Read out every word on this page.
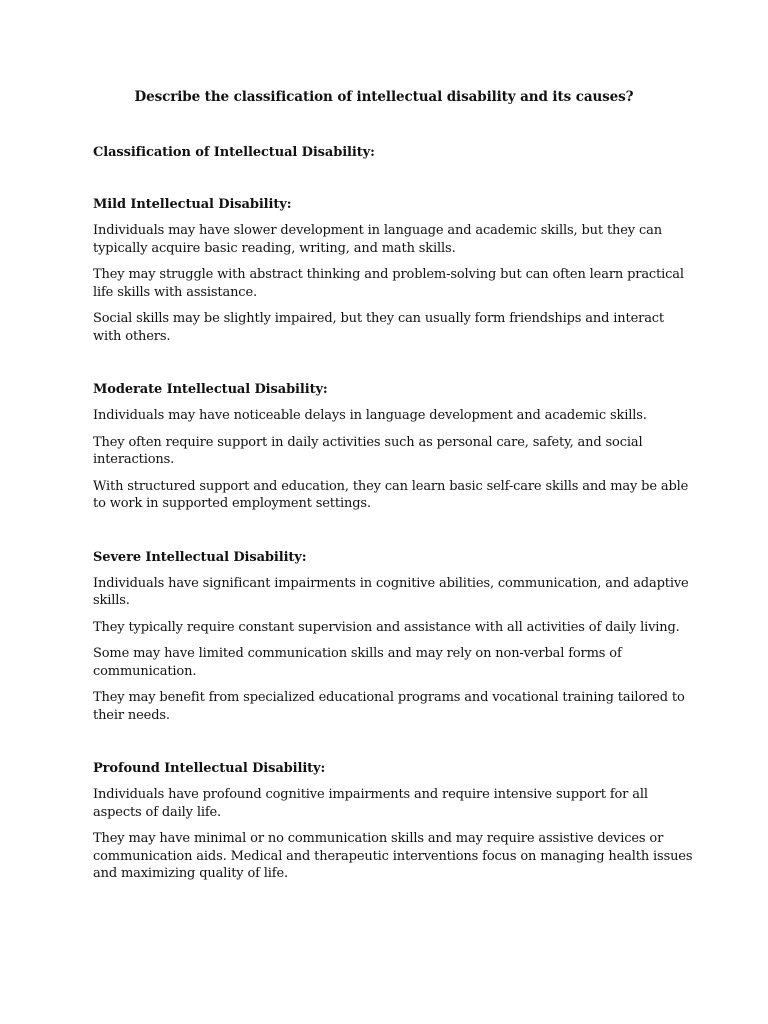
Describe the classification of intellectual disability and its causes?
Classification of Intellectual Disability:
Mild Intellectual Disability:

Individuals may have slower development in language and academic skills, but they can typically acquire basic reading, writing, and math skills.

They may struggle with abstract thinking and problem-solving but can often learn practical life skills with assistance.

Social skills may be slightly impaired, but they can usually form friendships and interact with others.

Moderate Intellectual Disability:

Individuals may have noticeable delays in language development and academic skills.

They often require support in daily activities such as personal care, safety, and social interactions.

With structured support and education, they can learn basic self-care skills and may be able to work in supported employment settings.

Severe Intellectual Disability:

Individuals have significant impairments in cognitive abilities, communication, and adaptive skills.

They typically require constant supervision and assistance with all activities of daily living.

Some may have limited communication skills and may rely on non-verbal forms of communication.

They may benefit from specialized educational programs and vocational training tailored to their needs.

Profound Intellectual Disability:

Individuals have profound cognitive impairments and require intensive support for all aspects of daily life.

They may have minimal or no communication skills and may require assistive devices or communication aids. Medical and therapeutic interventions focus on managing health issues and maximizing quality of life.
